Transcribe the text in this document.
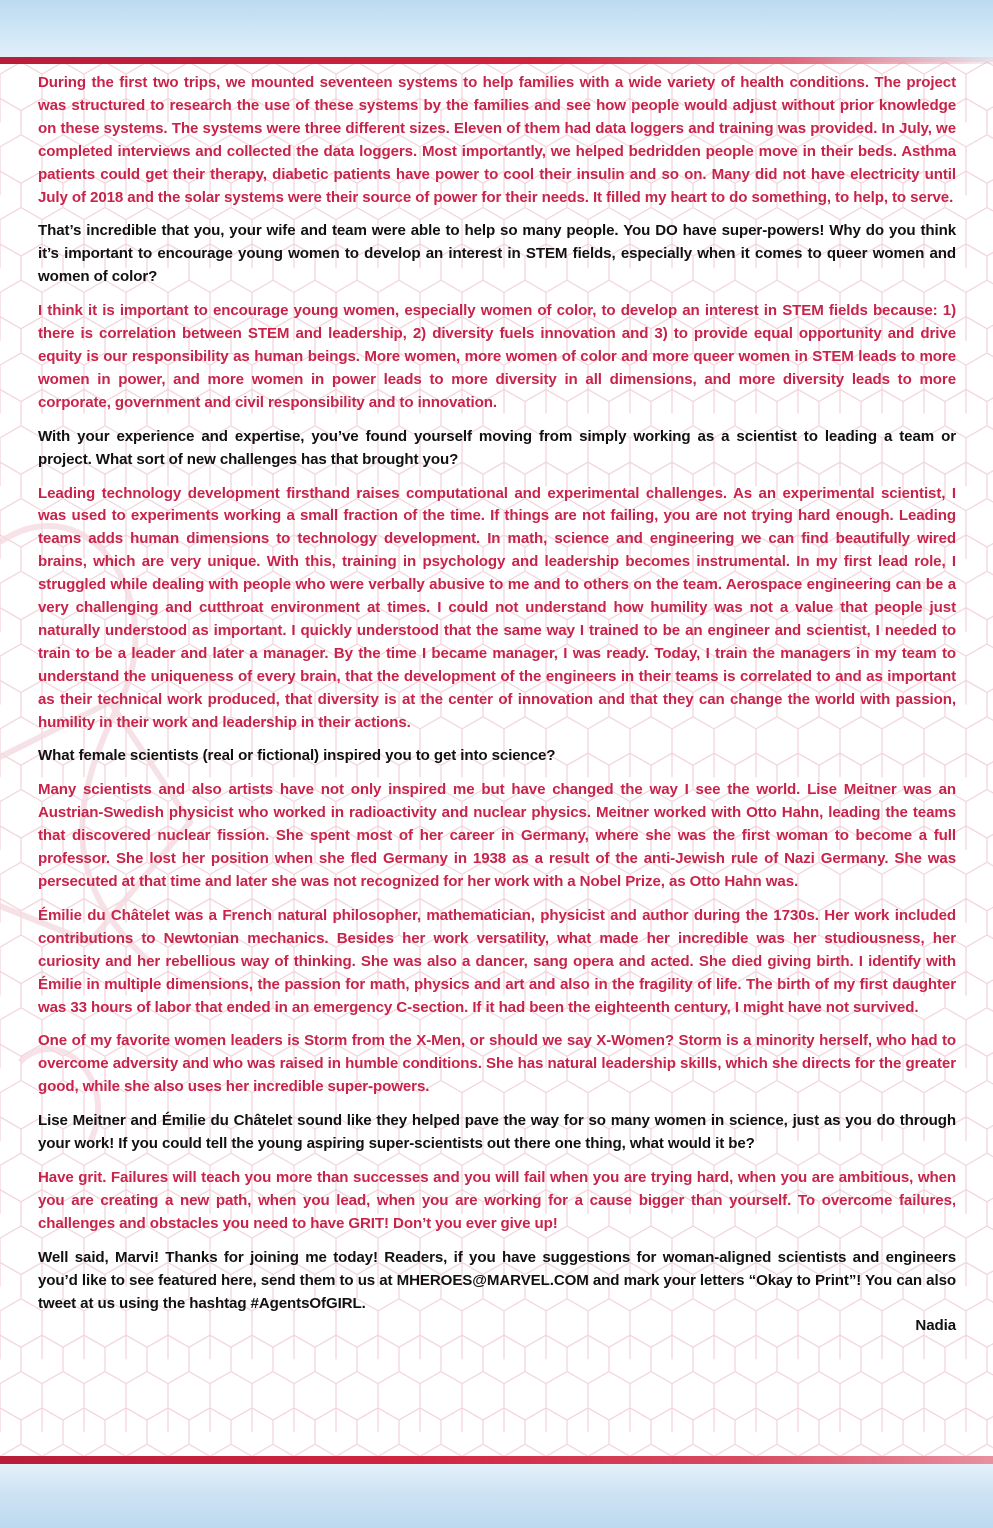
During the first two trips, we mounted seventeen systems to help families with a wide variety of health conditions. The project was structured to research the use of these systems by the families and see how people would adjust without prior knowledge on these systems. The systems were three different sizes. Eleven of them had data loggers and training was provided. In July, we completed interviews and collected the data loggers. Most importantly, we helped bedridden people move in their beds. Asthma patients could get their therapy, diabetic patients have power to cool their insulin and so on. Many did not have electricity until July of 2018 and the solar systems were their source of power for their needs. It filled my heart to do something, to help, to serve.

That’s incredible that you, your wife and team were able to help so many people. You DO have super-powers! Why do you think it’s important to encourage young women to develop an interest in STEM fields, especially when it comes to queer women and women of color?

I think it is important to encourage young women, especially women of color, to develop an interest in STEM fields because: 1) there is correlation between STEM and leadership, 2) diversity fuels innovation and 3) to provide equal opportunity and drive equity is our responsibility as human beings. More women, more women of color and more queer women in STEM leads to more women in power, and more women in power leads to more diversity in all dimensions, and more diversity leads to more corporate, government and civil responsibility and to innovation.

With your experience and expertise, you’ve found yourself moving from simply working as a scientist to leading a team or project. What sort of new challenges has that brought you?

Leading technology development firsthand raises computational and experimental challenges. As an experimental scientist, I was used to experiments working a small fraction of the time. If things are not failing, you are not trying hard enough. Leading teams adds human dimensions to technology development. In math, science and engineering we can find beautifully wired brains, which are very unique. With this, training in psychology and leadership becomes instrumental. In my first lead role, I struggled while dealing with people who were verbally abusive to me and to others on the team. Aerospace engineering can be a very challenging and cutthroat environment at times. I could not understand how humility was not a value that people just naturally understood as important. I quickly understood that the same way I trained to be an engineer and scientist, I needed to train to be a leader and later a manager. By the time I became manager, I was ready. Today, I train the managers in my team to understand the uniqueness of every brain, that the development of the engineers in their teams is correlated to and as important as their technical work produced, that diversity is at the center of innovation and that they can change the world with passion, humility in their work and leadership in their actions.

What female scientists (real or fictional) inspired you to get into science?

Many scientists and also artists have not only inspired me but have changed the way I see the world. Lise Meitner was an Austrian-Swedish physicist who worked in radioactivity and nuclear physics. Meitner worked with Otto Hahn, leading the teams that discovered nuclear fission. She spent most of her career in Germany, where she was the first woman to become a full professor. She lost her position when she fled Germany in 1938 as a result of the anti-Jewish rule of Nazi Germany. She was persecuted at that time and later she was not recognized for her work with a Nobel Prize, as Otto Hahn was.

Émilie du Châtelet was a French natural philosopher, mathematician, physicist and author during the 1730s. Her work included contributions to Newtonian mechanics. Besides her work versatility, what made her incredible was her studiousness, her curiosity and her rebellious way of thinking. She was also a dancer, sang opera and acted. She died giving birth. I identify with Émilie in multiple dimensions, the passion for math, physics and art and also in the fragility of life. The birth of my first daughter was 33 hours of labor that ended in an emergency C-section. If it had been the eighteenth century, I might have not survived.

One of my favorite women leaders is Storm from the X-Men, or should we say X-Women? Storm is a minority herself, who had to overcome adversity and who was raised in humble conditions. She has natural leadership skills, which she directs for the greater good, while she also uses her incredible super-powers.

Lise Meitner and Émilie du Châtelet sound like they helped pave the way for so many women in science, just as you do through your work! If you could tell the young aspiring super-scientists out there one thing, what would it be?

Have grit. Failures will teach you more than successes and you will fail when you are trying hard, when you are ambitious, when you are creating a new path, when you lead, when you are working for a cause bigger than yourself. To overcome failures, challenges and obstacles you need to have GRIT! Don’t you ever give up!

Well said, Marvi! Thanks for joining me today! Readers, if you have suggestions for woman-aligned scientists and engineers you’d like to see featured here, send them to us at MHEROES@MARVEL.COM and mark your letters “Okay to Print”! You can also tweet at us using the hashtag #AgentsOfGIRL.

Nadia
